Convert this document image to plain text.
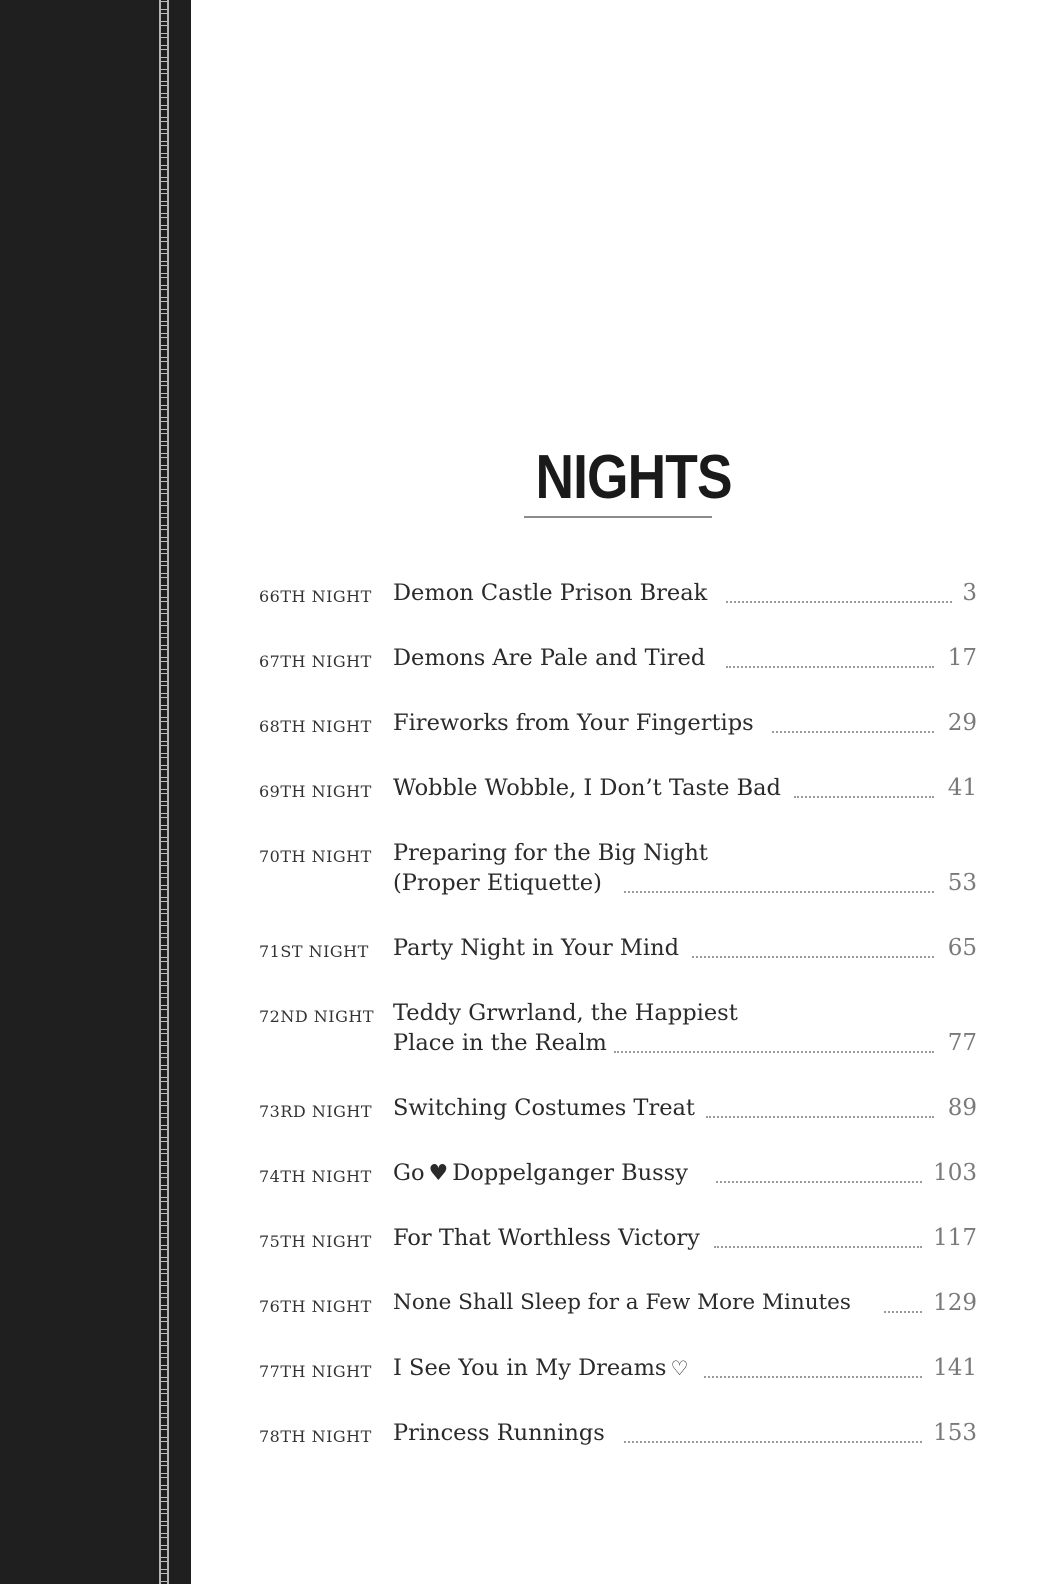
NIGHTS
66TH NIGHT Demon Castle Prison Break	3
67TH NIGHT Demons Are Pale and Tired	17
68TH NIGHT Fireworks from Your Fingertips	29
69TH NIGHT Wobble Wobble, I Don’t Taste Bad	41
70TH NIGHT Preparing for the Big Night
(Proper Etiquette)	53
71ST NIGHT Party Night in Your Mind	65
72ND NIGHT Teddy Grwrland, the Happiest
Place in the Realm	77
73RD NIGHT Switching Costumes Treat	89
74TH NIGHT Go ♥ Doppelganger Bussy	103
75TH NIGHT For That Worthless Victory	117
76TH NIGHT None Shall Sleep for a Few More Minutes	129
77TH NIGHT I See You in My Dreams ♡	141
78TH NIGHT Princess Runnings	153
